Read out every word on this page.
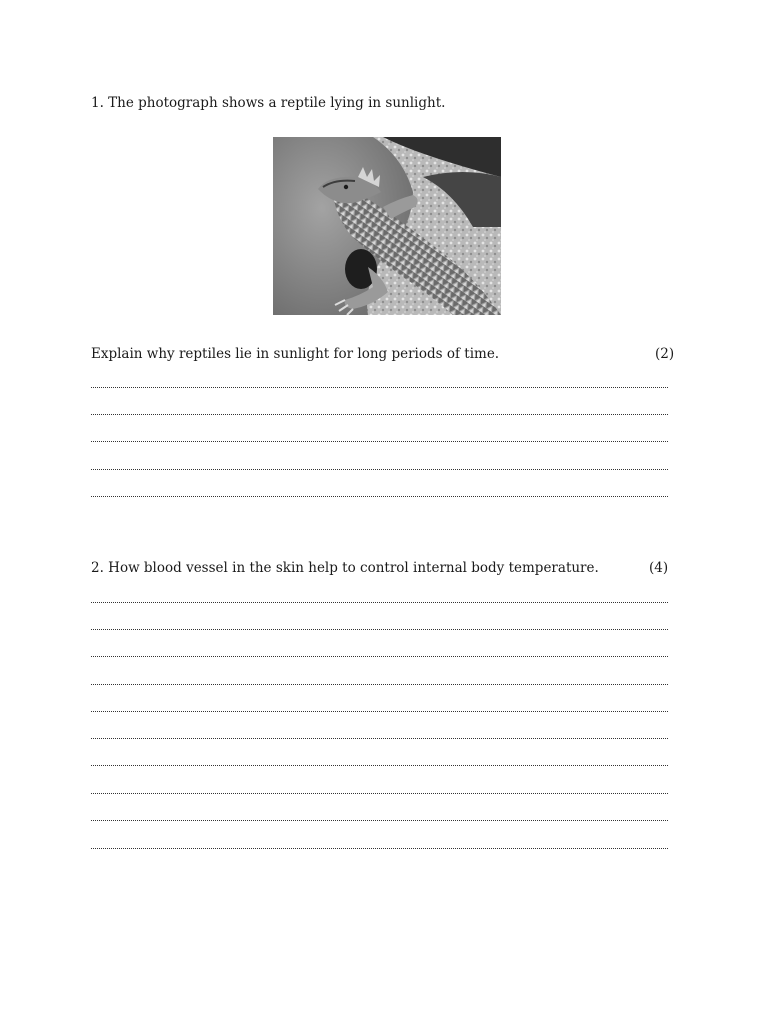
1. The photograph shows a reptile lying in sunlight.
Explain why reptiles lie in sunlight for long periods of time.	(2)
2. How blood vessel in the skin help to control internal body temperature.	(4)
